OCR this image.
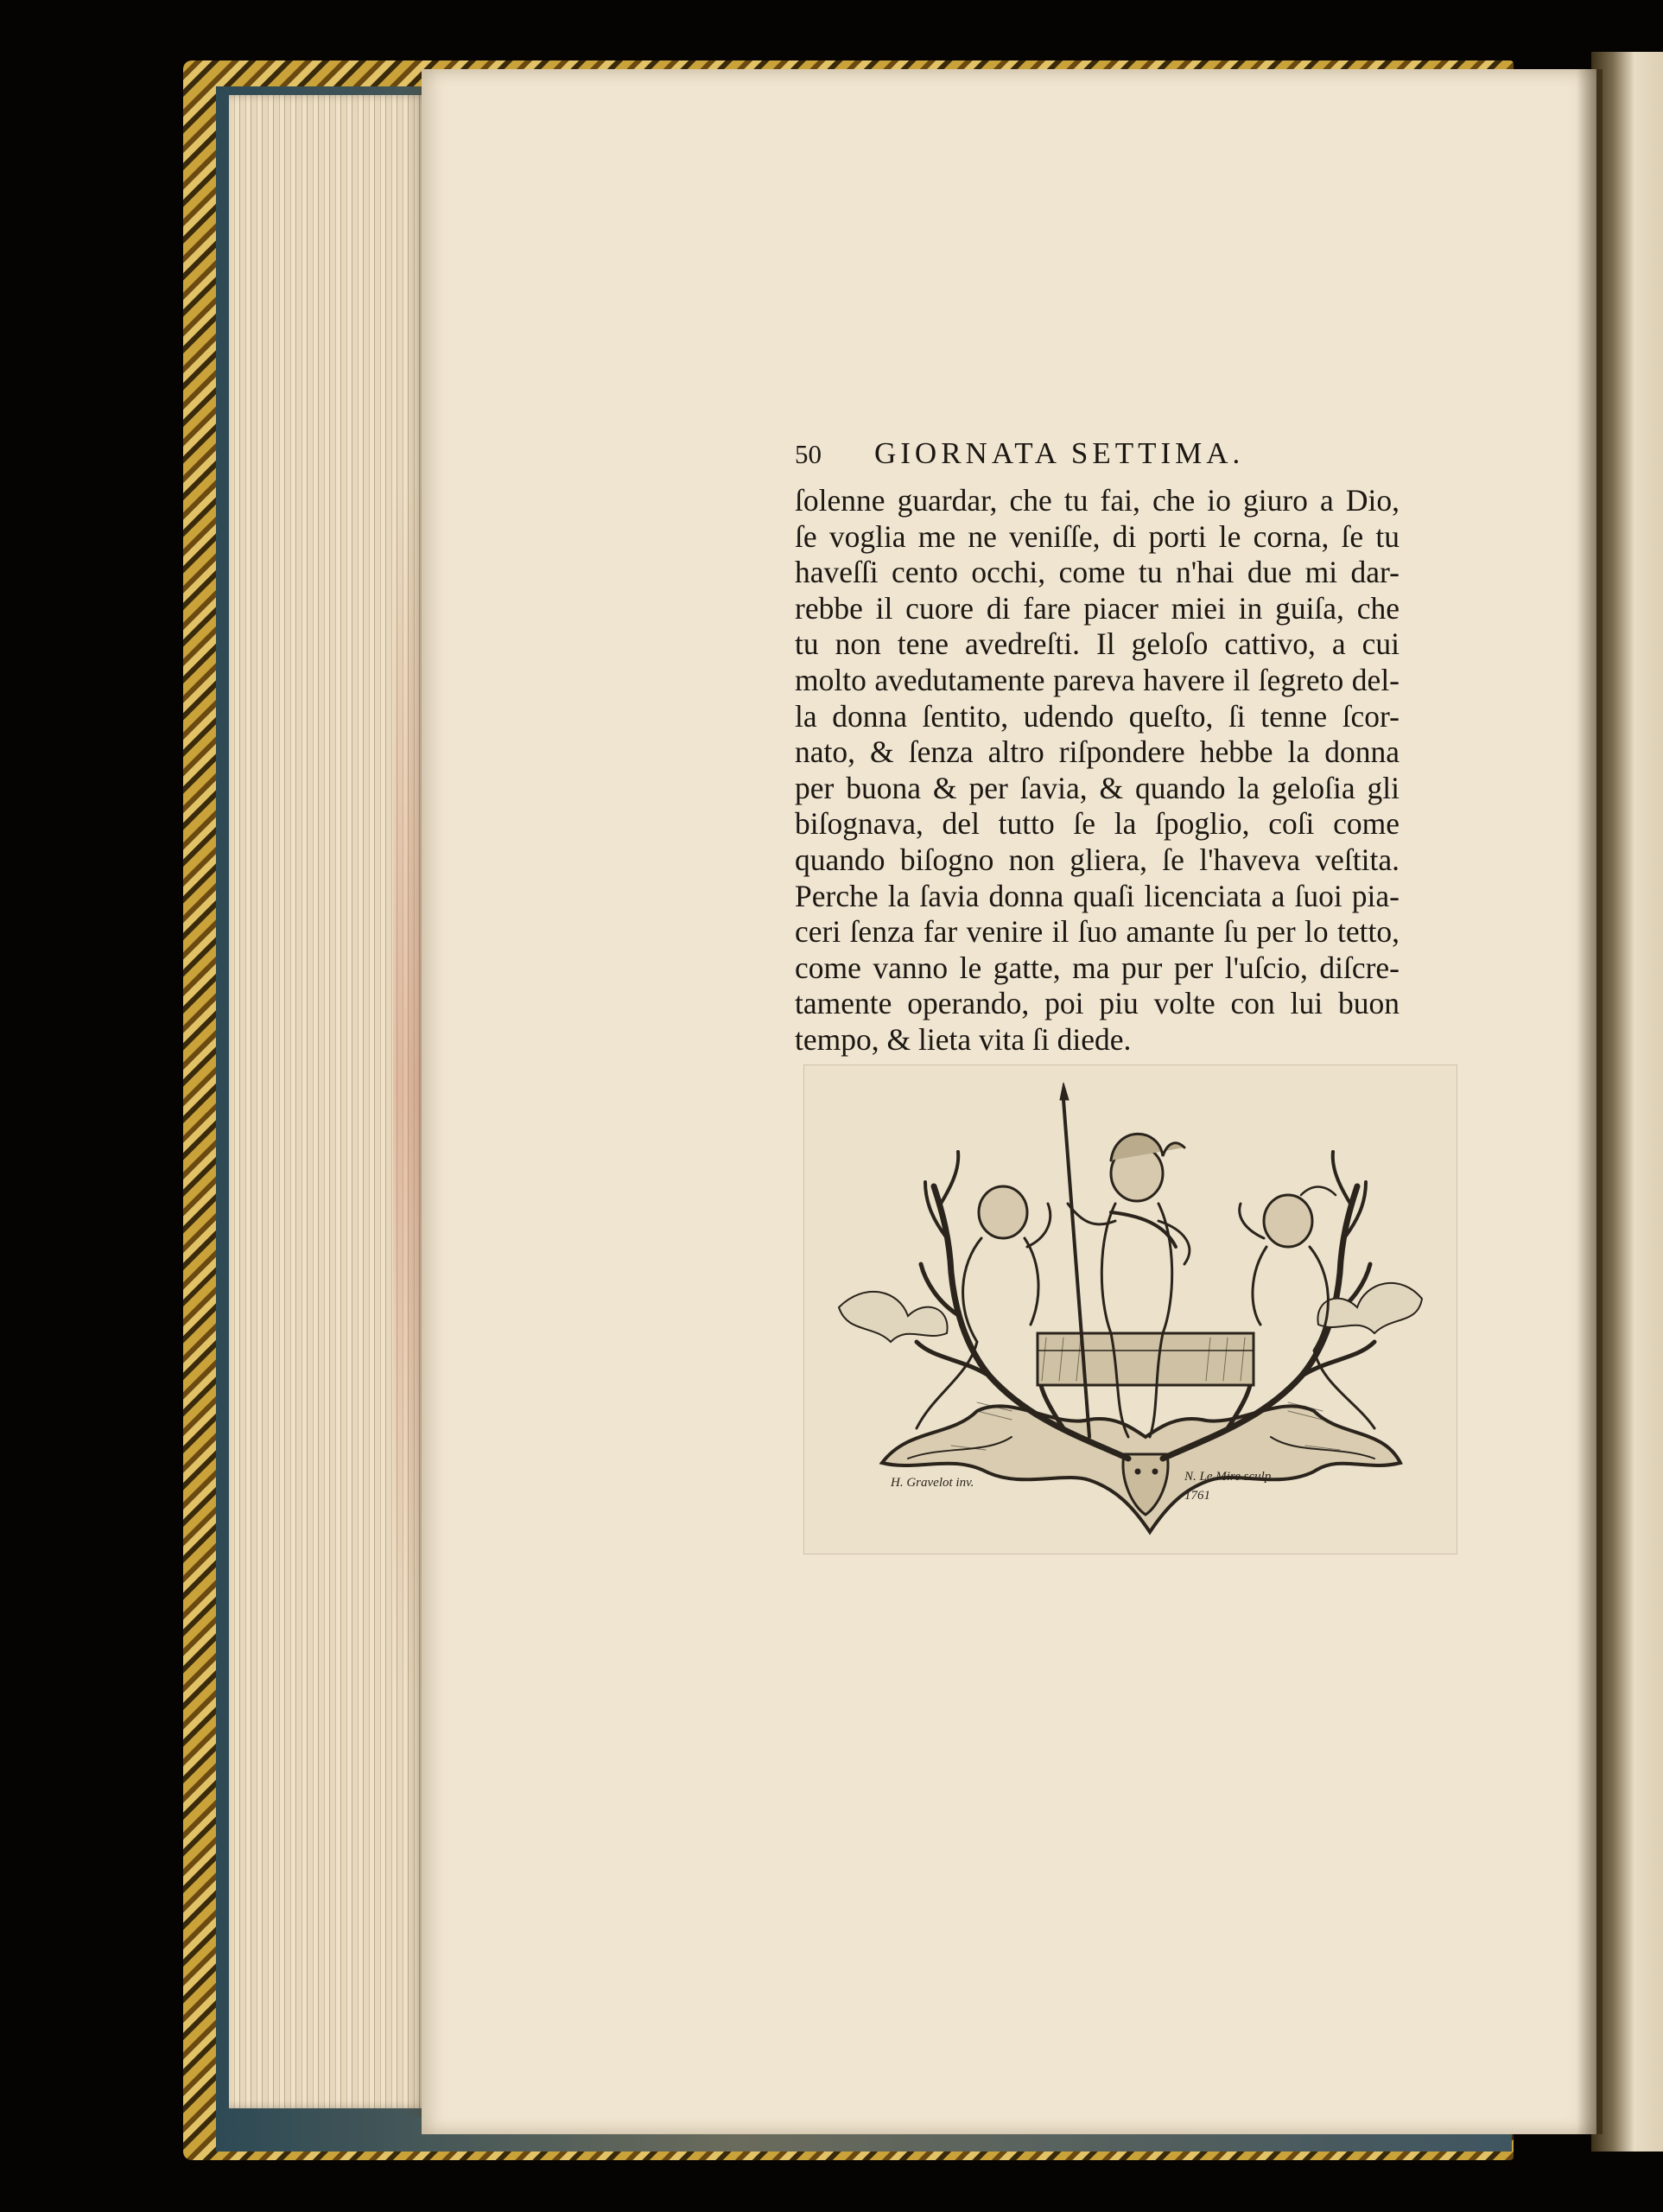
50	GIORNATA SETTIMA.
ſolenne guardar, che tu fai, che io giuro a Dio,
ſe voglia me ne veniſſe, di porti le corna, ſe tu
haveſſi cento occhi, come tu n'hai due mi dar-
rebbe il cuore di fare piacer miei in guiſa, che
tu non tene avedreſti. Il geloſo cattivo, a cui
molto avedutamente pareva havere il ſegreto del-
la donna ſentito, udendo queſto, ſi tenne ſcor-
nato, & ſenza altro riſpondere hebbe la donna
per buona & per ſavia, & quando la geloſia gli
biſognava, del tutto ſe la ſpoglio, coſi come
quando biſogno non gliera, ſe l'haveva veſtita.
Perche la ſavia donna quaſi licenciata a ſuoi pia-
ceri ſenza far venire il ſuo amante ſu per lo tetto,
come vanno le gatte, ma pur per l'uſcio, diſcre-
tamente operando, poi piu volte con lui buon
tempo, & lieta vita ſi diede.
H. Gravelot inv.	N. Le Mire sculp.
1761
